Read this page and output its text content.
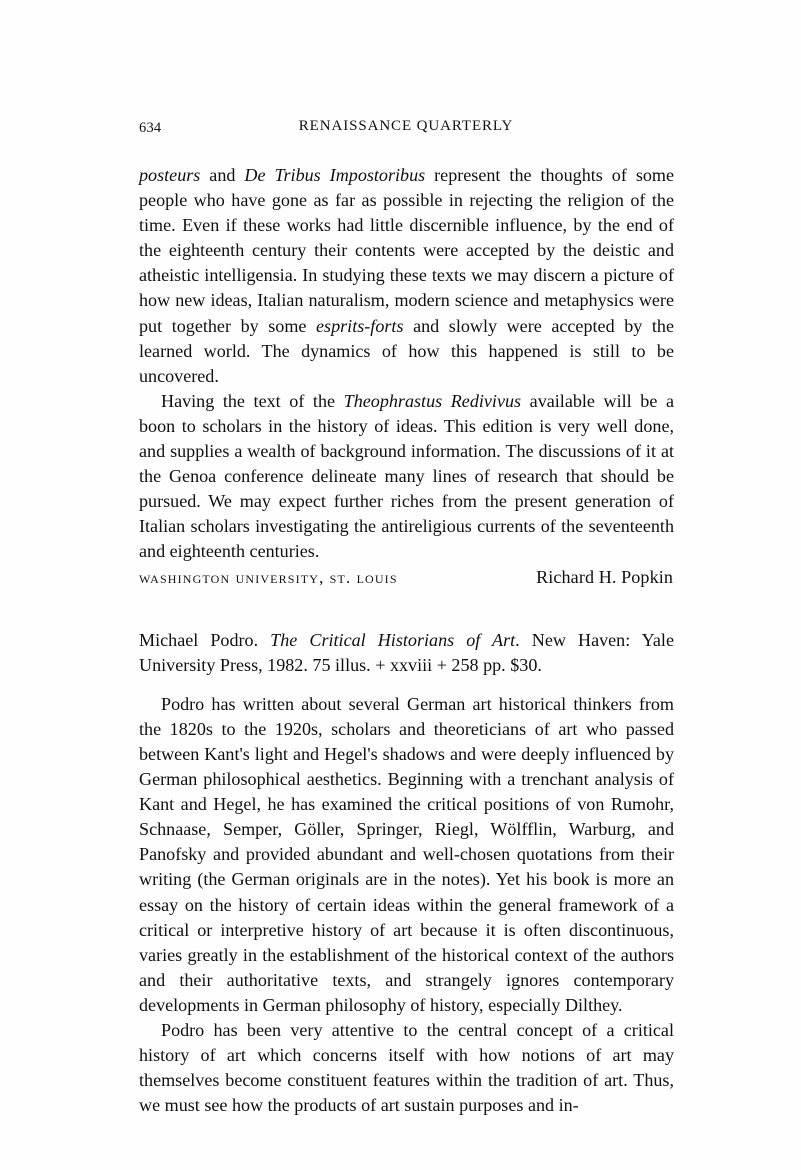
634	RENAISSANCE QUARTERLY

posteurs and De Tribus Impostoribus represent the thoughts of some people who have gone as far as possible in rejecting the religion of the time. Even if these works had little discernible influence, by the end of the eighteenth century their contents were accepted by the deistic and atheistic intelligensia. In studying these texts we may discern a picture of how new ideas, Italian naturalism, modern science and metaphysics were put together by some esprits-forts and slowly were accepted by the learned world. The dynamics of how this happened is still to be uncovered.

Having the text of the Theophrastus Redivivus available will be a boon to scholars in the history of ideas. This edition is very well done, and supplies a wealth of background information. The discussions of it at the Genoa conference delineate many lines of research that should be pursued. We may expect further riches from the present generation of Italian scholars investigating the antireligious currents of the seventeenth and eighteenth centuries.

washington university, st. louis	Richard H. Popkin

Michael Podro. The Critical Historians of Art. New Haven: Yale University Press, 1982. 75 illus. + xxviii + 258 pp. $30.

Podro has written about several German art historical thinkers from the 1820s to the 1920s, scholars and theoreticians of art who passed between Kant's light and Hegel's shadows and were deeply influenced by German philosophical aesthetics. Beginning with a trenchant analysis of Kant and Hegel, he has examined the critical positions of von Rumohr, Schnaase, Semper, Göller, Springer, Riegl, Wölfflin, Warburg, and Panofsky and provided abundant and well-chosen quotations from their writing (the German originals are in the notes). Yet his book is more an essay on the history of certain ideas within the general framework of a critical or interpretive history of art because it is often discontinuous, varies greatly in the establishment of the historical context of the authors and their authoritative texts, and strangely ignores contemporary developments in German philosophy of history, especially Dilthey.

Podro has been very attentive to the central concept of a critical history of art which concerns itself with how notions of art may themselves become constituent features within the tradition of art. Thus, we must see how the products of art sustain purposes and in-
